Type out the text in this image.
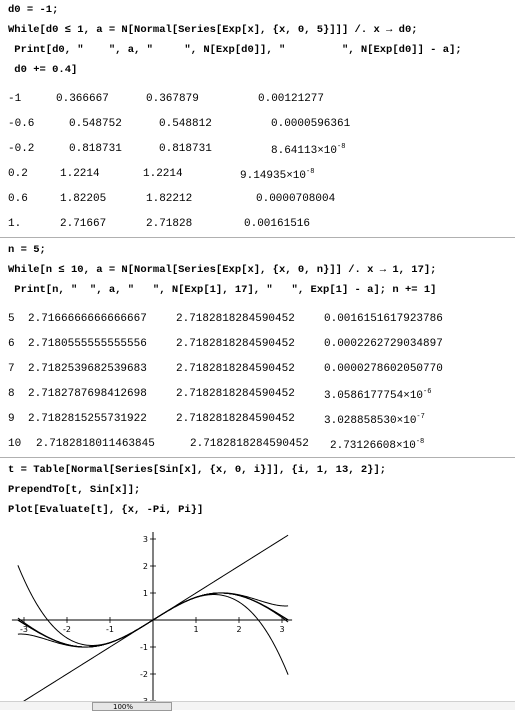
d0 = -1;
While[d0 ≤ 1, a = N[Normal[Series[Exp[x], {x, 0, 5}]]] /. x → d0;
Print[d0, "    ", a, "     ", N[Exp[d0]], "         ", N[Exp[d0]] - a];
d0 += 0.4]
-1	0.366667	0.367879	0.00121277
-0.6	0.548752	0.548812	0.0000596361
-0.2	0.818731	0.818731	$8.64113\times 10^{-8}$
0.2	1.2214	1.2214	$9.14935\times 10^{-8}$
0.6	1.82205	1.82212	0.0000708004
1.	2.71667	2.71828	0.00161516
n = 5;
While[n ≤ 10, a = N[Normal[Series[Exp[x], {x, 0, n}]] /. x → 1, 17];
Print[n, "  ", a, "   ", N[Exp[1], 17], "   ", Exp[1] - a]; n += 1]
5 2.7166666666666667	2.7182818284590452	0.0016151617923786
6 2.7180555555555556	2.7182818284590452	0.0002262729034897
7 2.7182539682539683	2.7182818284590452	0.0000278602050770
8 2.7182787698412698	2.7182818284590452	$3.0586177754\times 10^{-6}$
9 2.7182815255731922	2.7182818284590452	$3.028858530\times 10^{-7}$
10 2.7182818011463845	2.7182818284590452 $2.73126608\times 10^{-8}$
t = Table[Normal[Series[Sin[x], {x, 0, i}]], {i, 1, 13, 2}];
PrependTo[t, Sin[x]];
Plot[Evaluate[t], {x, -Pi, Pi}]
-3	-2	-1	1	2	3
3
2
1
-1
-2
100%
